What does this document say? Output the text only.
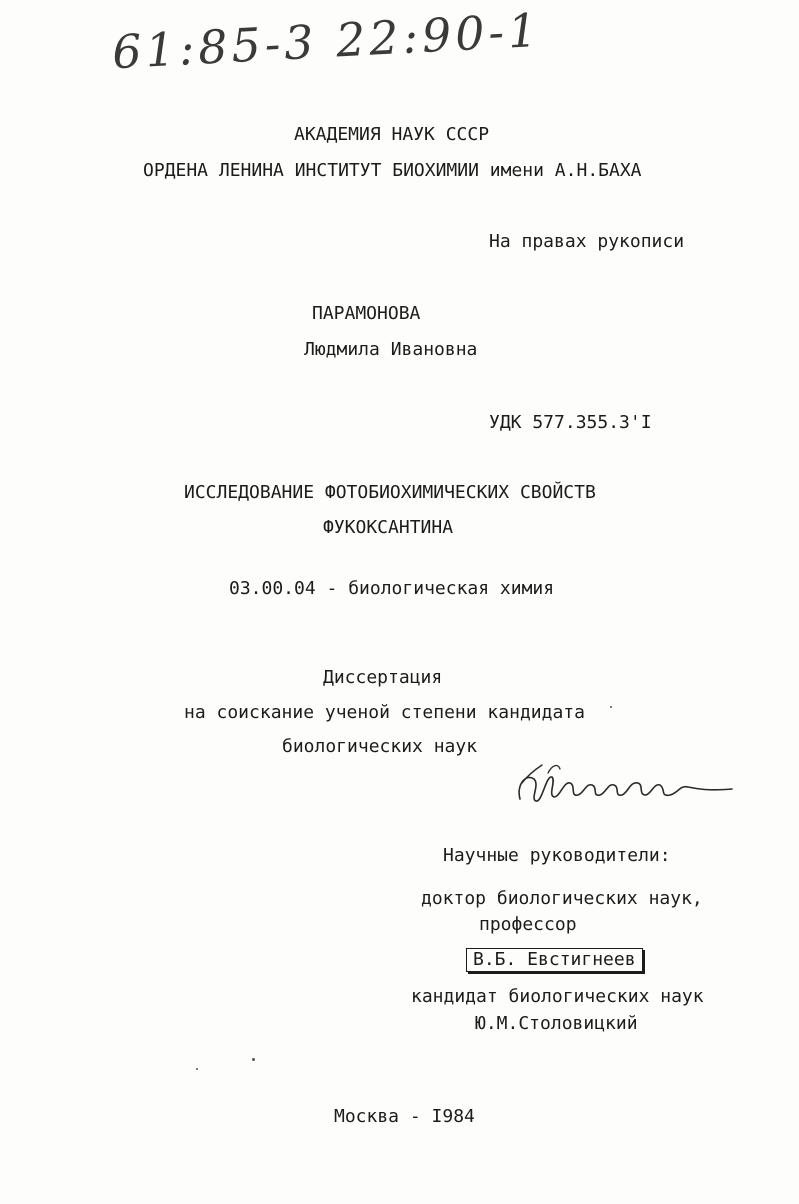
61:85-3 22:90-1
АКАДЕМИЯ НАУК СССР
ОРДЕНА ЛЕНИНА ИНСТИТУТ БИОХИМИИ имени А.Н.БАХА
На правах рукописи
ПАРАМОНОВА
Людмила Ивановна
УДК 577.355.3'I
ИССЛЕДОВАНИЕ ФОТОБИОХИМИЧЕСКИХ СВОЙСТВ
ФУКОКСАНТИНА
03.00.04 - биологическая химия
Диссертация
на соискание ученой степени кандидата
биологических наук
Научные руководители:
доктор биологических наук,
профессор
В.Б. Евстигнеев
кандидат биологических наук
Ю.М.Столовицкий
Москва - I984
